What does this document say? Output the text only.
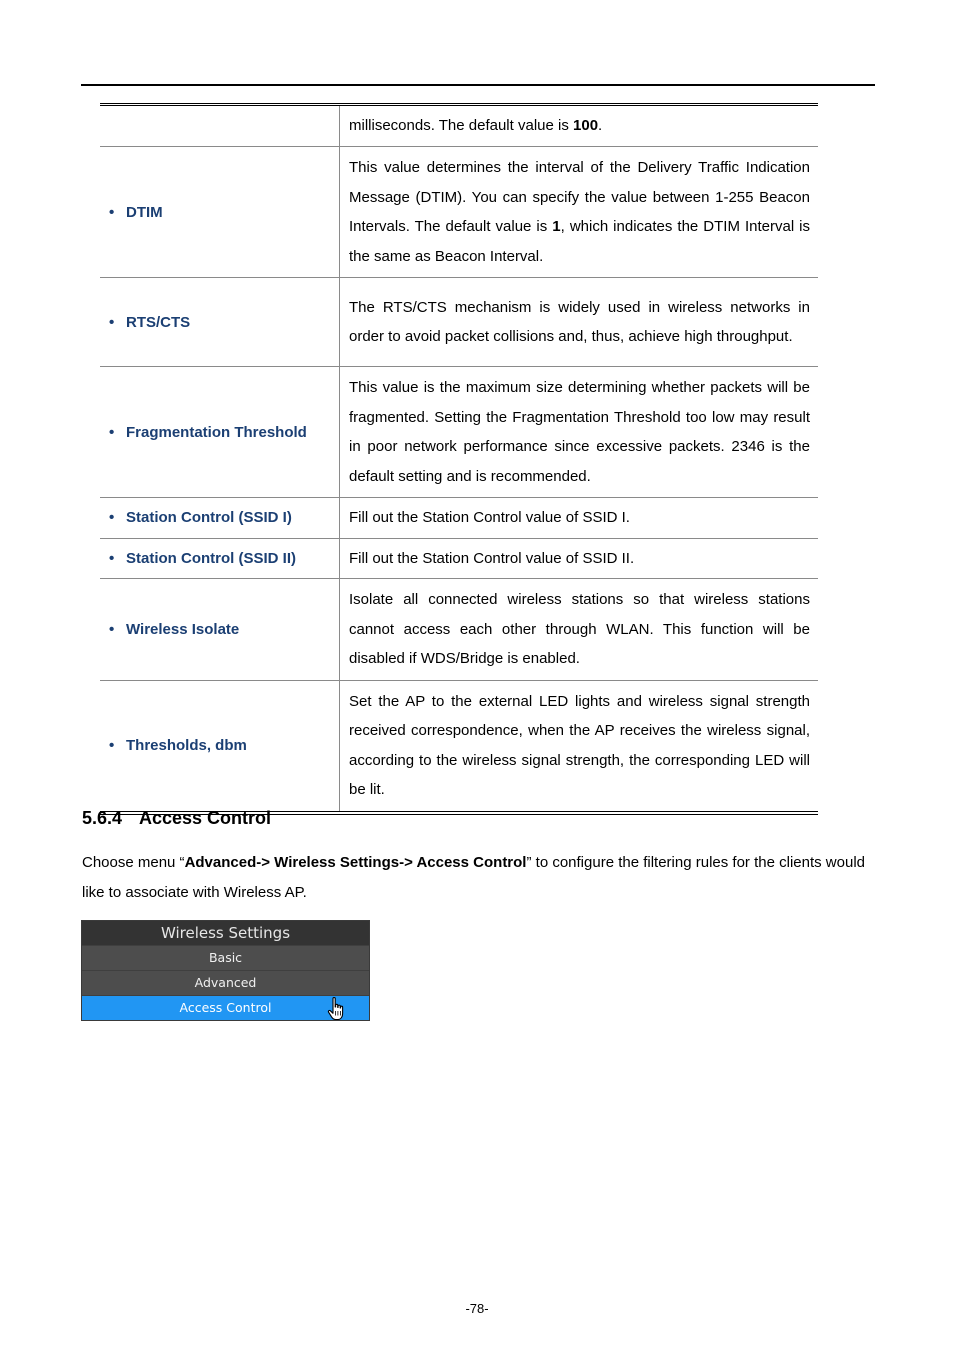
	milliseconds. The default value is 100.
• DTIM	This value determines the interval of the Delivery Traffic Indication Message (DTIM). You can specify the value between 1-255 Beacon Intervals. The default value is 1, which indicates the DTIM Interval is the same as Beacon Interval.
• RTS/CTS	The RTS/CTS mechanism is widely used in wireless networks in order to avoid packet collisions and, thus, achieve high throughput.
• Fragmentation Threshold	This value is the maximum size determining whether packets will be fragmented. Setting the Fragmentation Threshold too low may result in poor network performance since excessive packets. 2346 is the default setting and is recommended.
• Station Control (SSID I)	Fill out the Station Control value of SSID I.
• Station Control (SSID II)	Fill out the Station Control value of SSID II.
• Wireless Isolate	Isolate all connected wireless stations so that wireless stations cannot access each other through WLAN. This function will be disabled if WDS/Bridge is enabled.
• Thresholds, dbm	Set the AP to the external LED lights and wireless signal strength received correspondence, when the AP receives the wireless signal, according to the wireless signal strength, the corresponding LED will be lit.
5.6.4 Access Control
Choose menu “Advanced-> Wireless Settings-> Access Control” to configure the filtering rules for the clients would like to associate with Wireless AP.
Wireless Settings
Basic
Advanced
Access Control
-78-
